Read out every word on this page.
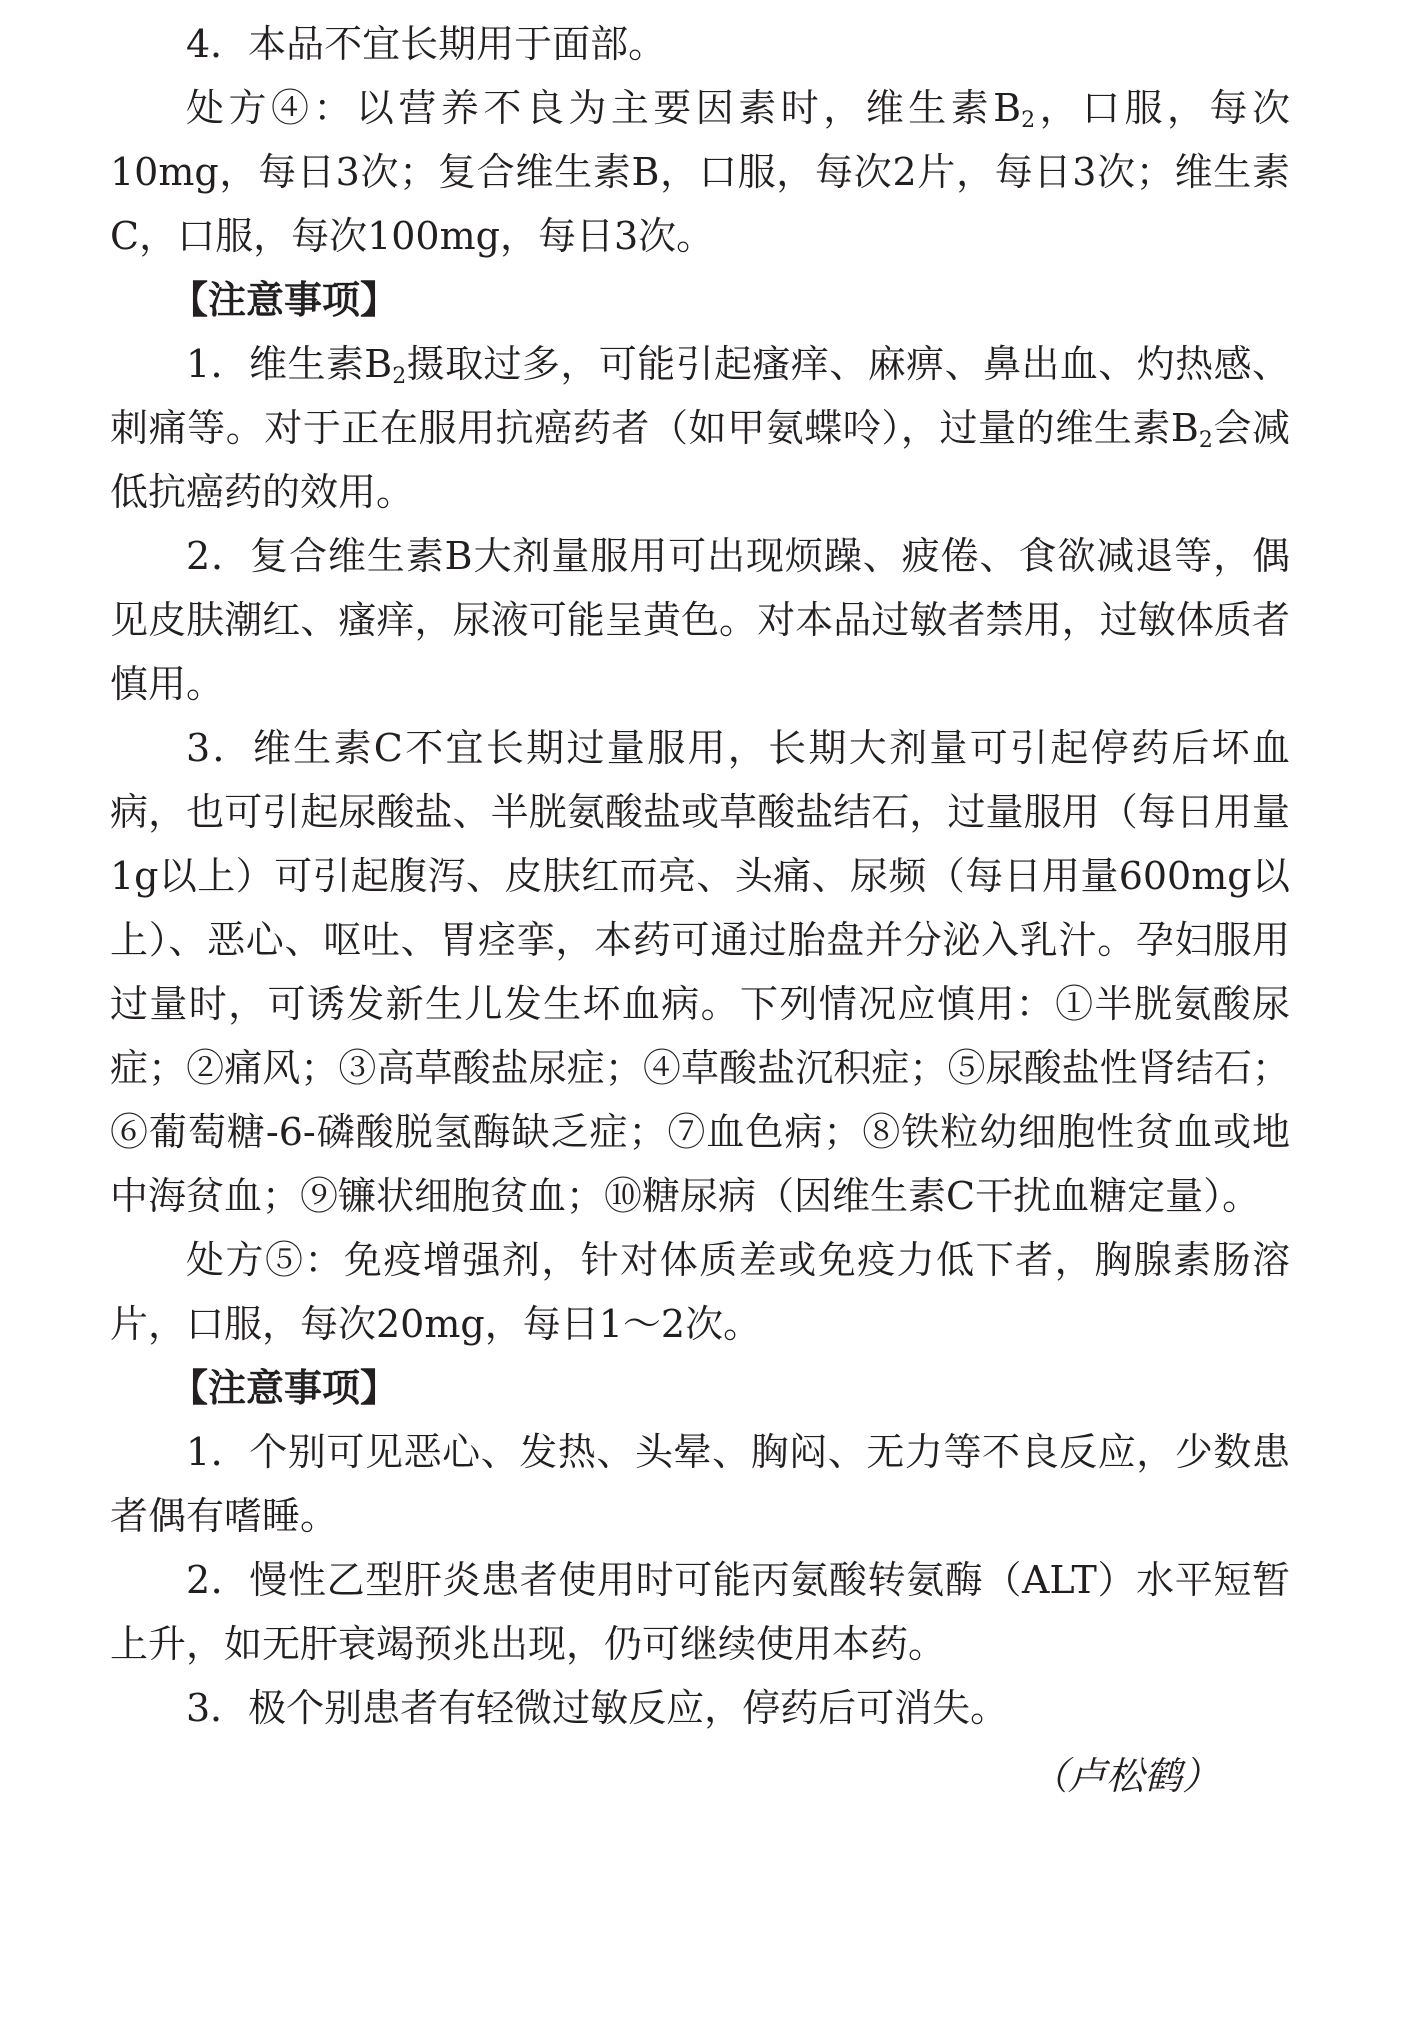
4．本品不宜长期用于面部。

处方④：以营养不良为主要因素时，维生素$B_2$，口服，每次10mg，每日3次；复合维生素B，口服，每次2片，每日3次；维生素C，口服，每次100mg，每日3次。

【注意事项】

1．维生素$B_2$摄取过多，可能引起瘙痒、麻痹、鼻出血、灼热感、刺痛等。对于正在服用抗癌药者（如甲氨蝶呤），过量的维生素$B_2$会减低抗癌药的效用。

2．复合维生素B大剂量服用可出现烦躁、疲倦、食欲减退等，偶见皮肤潮红、瘙痒，尿液可能呈黄色。对本品过敏者禁用，过敏体质者慎用。

3．维生素C不宜长期过量服用，长期大剂量可引起停药后坏血病，也可引起尿酸盐、半胱氨酸盐或草酸盐结石，过量服用（每日用量1g以上）可引起腹泻、皮肤红而亮、头痛、尿频（每日用量600mg以上）、恶心、呕吐、胃痉挛，本药可通过胎盘并分泌入乳汁。孕妇服用过量时，可诱发新生儿发生坏血病。下列情况应慎用：①半胱氨酸尿症；②痛风；③高草酸盐尿症；④草酸盐沉积症；⑤尿酸盐性肾结石；⑥葡萄糖-6-磷酸脱氢酶缺乏症；⑦血色病；⑧铁粒幼细胞性贫血或地中海贫血；⑨镰状细胞贫血；⑩糖尿病（因维生素C干扰血糖定量）。

处方⑤：免疫增强剂，针对体质差或免疫力低下者，胸腺素肠溶片，口服，每次20mg，每日1～2次。

【注意事项】

1．个别可见恶心、发热、头晕、胸闷、无力等不良反应，少数患者偶有嗜睡。

2．慢性乙型肝炎患者使用时可能丙氨酸转氨酶（ALT）水平短暂上升，如无肝衰竭预兆出现，仍可继续使用本药。

3．极个别患者有轻微过敏反应，停药后可消失。

（卢松鹤）
